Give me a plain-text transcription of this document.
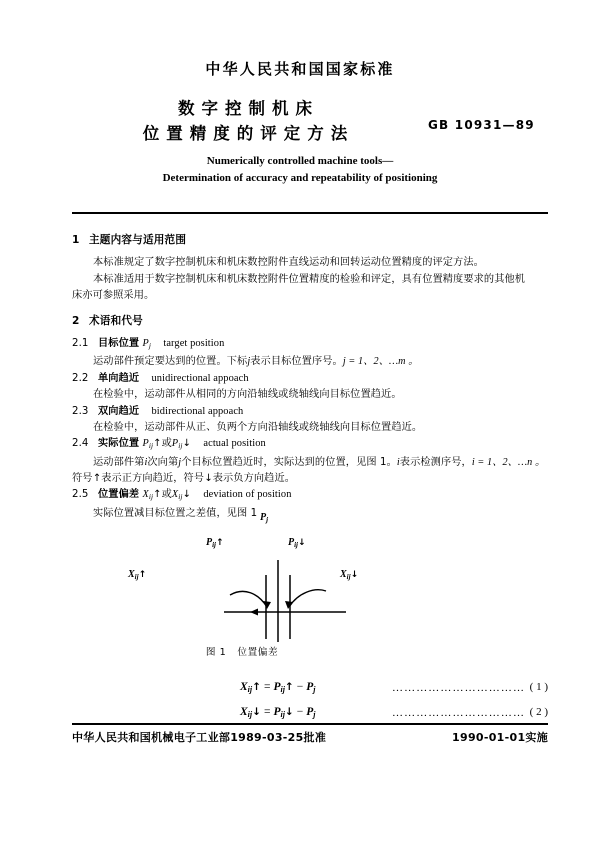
中华人民共和国国家标准
数字控制机床
位置精度的评定方法	GB 10931—89
Numerically controlled machine tools—
Determination of accuracy and repeatability of positioning
1 主题内容与适用范围

本标准规定了数字控制机床和机床数控附件直线运动和回转运动位置精度的评定方法。

本标准适用于数字控制机床和机床数控附件位置精度的检验和评定，具有位置精度要求的其他机

床亦可参照采用。

2 术语和代号

2.1 目标位置 $P_j$ target position

运动部件预定要达到的位置。下标j表示目标位置序号。j = 1、2、…m 。

2.2 单向趋近 unidirectional appoach

在检验中，运动部件从相同的方向沿轴线或绕轴线向目标位置趋近。

2.3 双向趋近 bidirectional appoach

在检验中，运动部件从正、负两个方向沿轴线或绕轴线向目标位置趋近。

2.4 实际位置 $P_{ij}↑$或$P_{ij}↓$ actual position

运动部件第i次向第j个目标位置趋近时，实际达到的位置，见图 1。i表示检测序号，i = 1、2、…n 。

符号↑表示正方向趋近，符号↓表示负方向趋近。

2.5 位置偏差 $X_{ij}↑$或$X_{ij}↓$ deviation of position

实际位置减目标位置之差值，见图 1 Pj
Pij↑	Pij↓
Xij↑	Xij↓
图 1 位置偏差
Xij↑ = Pij↑ − Pj	…………………………… ( 1 )
Xij↓ = Pij↓ − Pj	…………………………… ( 2 )
中华人民共和国机械电子工业部1989-03-25批准	1990-01-01实施
